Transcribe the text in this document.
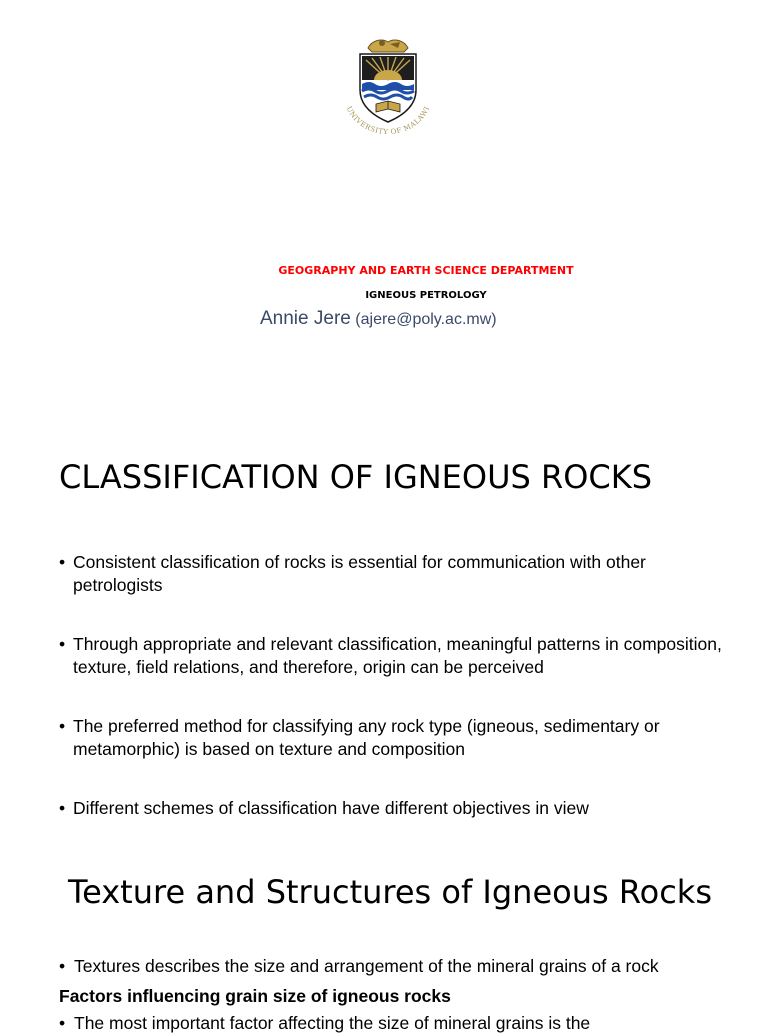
UNIVERSITY OF MALAWI
GEOGRAPHY AND EARTH SCIENCE DEPARTMENT
IGNEOUS PETROLOGY
Annie Jere (ajere@poly.ac.mw)
CLASSIFICATION OF IGNEOUS ROCKS
• Consistent classification of rocks is essential for communication with other petrologists
• Through appropriate and relevant classification, meaningful patterns in composition, texture, field relations, and therefore, origin can be perceived
• The preferred method for classifying any rock type (igneous, sedimentary or metamorphic) is based on texture and composition
• Different schemes of classification have different objectives in view
Texture and Structures of Igneous Rocks
• Textures describes the size and arrangement of the mineral grains of a rock
Factors influencing grain size of igneous rocks
• The most important factor affecting the size of mineral grains is the
